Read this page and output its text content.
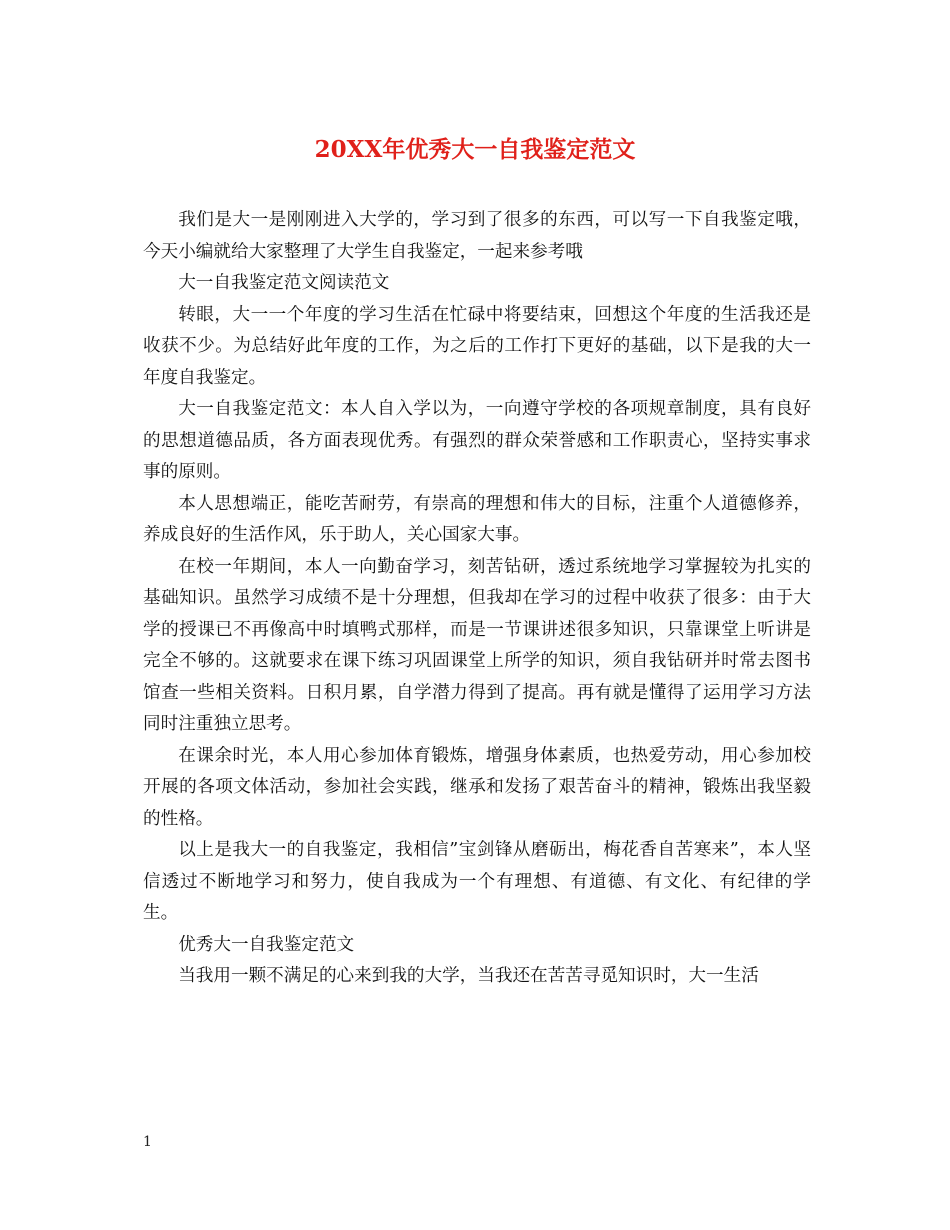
20XX年优秀大一自我鉴定范文

我们是大一是刚刚进入大学的，学习到了很多的东西，可以写一下自我鉴定哦，今天小编就给大家整理了大学生自我鉴定，一起来参考哦

大一自我鉴定范文阅读范文

转眼，大一一个年度的学习生活在忙碌中将要结束，回想这个年度的生活我还是收获不少。为总结好此年度的工作，为之后的工作打下更好的基础，以下是我的大一年度自我鉴定。

大一自我鉴定范文：本人自入学以为，一向遵守学校的各项规章制度，具有良好的思想道德品质，各方面表现优秀。有强烈的群众荣誉感和工作职责心，坚持实事求事的原则。

本人思想端正，能吃苦耐劳，有崇高的理想和伟大的目标，注重个人道德修养，养成良好的生活作风，乐于助人，关心国家大事。

在校一年期间，本人一向勤奋学习，刻苦钻研，透过系统地学习掌握较为扎实的基础知识。虽然学习成绩不是十分理想，但我却在学习的过程中收获了很多：由于大学的授课已不再像高中时填鸭式那样，而是一节课讲述很多知识，只靠课堂上听讲是完全不够的。这就要求在课下练习巩固课堂上所学的知识，须自我钻研并时常去图书馆查一些相关资料。日积月累，自学潜力得到了提高。再有就是懂得了运用学习方法同时注重独立思考。

在课余时光，本人用心参加体育锻炼，增强身体素质，也热爱劳动，用心参加校开展的各项文体活动，参加社会实践，继承和发扬了艰苦奋斗的精神，锻炼出我坚毅的性格。

以上是我大一的自我鉴定，我相信”宝剑锋从磨砺出，梅花香自苦寒来”，本人坚信透过不断地学习和努力，使自我成为一个有理想、有道德、有文化、有纪律的学生。

优秀大一自我鉴定范文

当我用一颗不满足的心来到我的大学，当我还在苦苦寻觅知识时，大一生活

1
